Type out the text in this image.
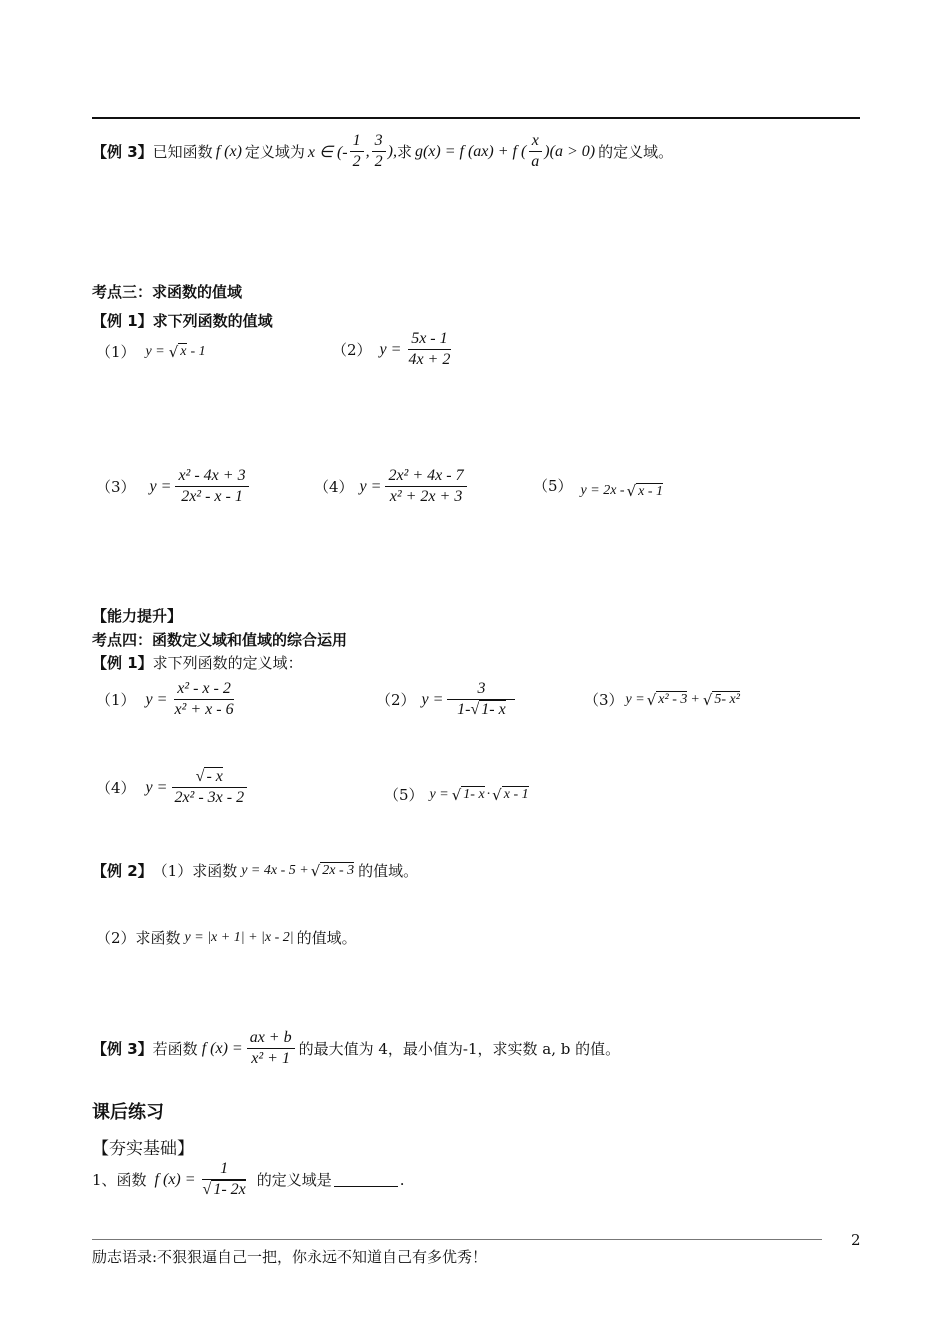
【例 3】 已知函数 f (x) 定义域为 x ∈ (- $\frac{1}{2}$ , $\frac{3}{2}$ ), 求 g(x) = f (ax) + f ( $\frac{x}{a} )(a > 0)$ 的定义域。
考点三：求函数的值域
【例 1】求下列函数的值域
（1） y = √ x - 1	（2） $y = \frac{5x - 1}{4x + 2}$
（3） $y = \frac{\text{x² - 4x + 3}}{\text{2x² - x - 1}}$	（4） $y = \frac{\text{2x² + 4x - 7}}{\text{x² + 2x + 3}}$	（5） y = 2x - √ x - 1
【能力提升】
考点四：函数定义域和值域的综合运用
【例 1】 求下列函数的定义域：
（1） $y = \frac{\text{x² - x - 2}}{\text{x² + x - 6}}$	（2） $y = \frac{3}{1-√ 1- x}$	（3） y = √ x² - 3 + √ 5- x²
（4） $y = \frac{√ - x}{\text{2x² - 3x - 2}}$	（5） y = √ 1- x · √ x - 1
【例 2】 （1）求函数 y = 4x - 5 + √ 2x - 3 的值域。
（2）求函数 y = |x + 1| + |x - 2| 的值域。
【例 3】 若函数 f $(x) = \frac{ax + b}{\text{x² + 1}}$ 的最大值为 4，最小值为-1，求实数 a, b 的值。
课后练习
【夯实基础】
1、函数 f $(x) = \frac{1}{√ 1- 2x}$ 的定义域是	.
2
励志语录:不狠狠逼自己一把，你永远不知道自己有多优秀！
